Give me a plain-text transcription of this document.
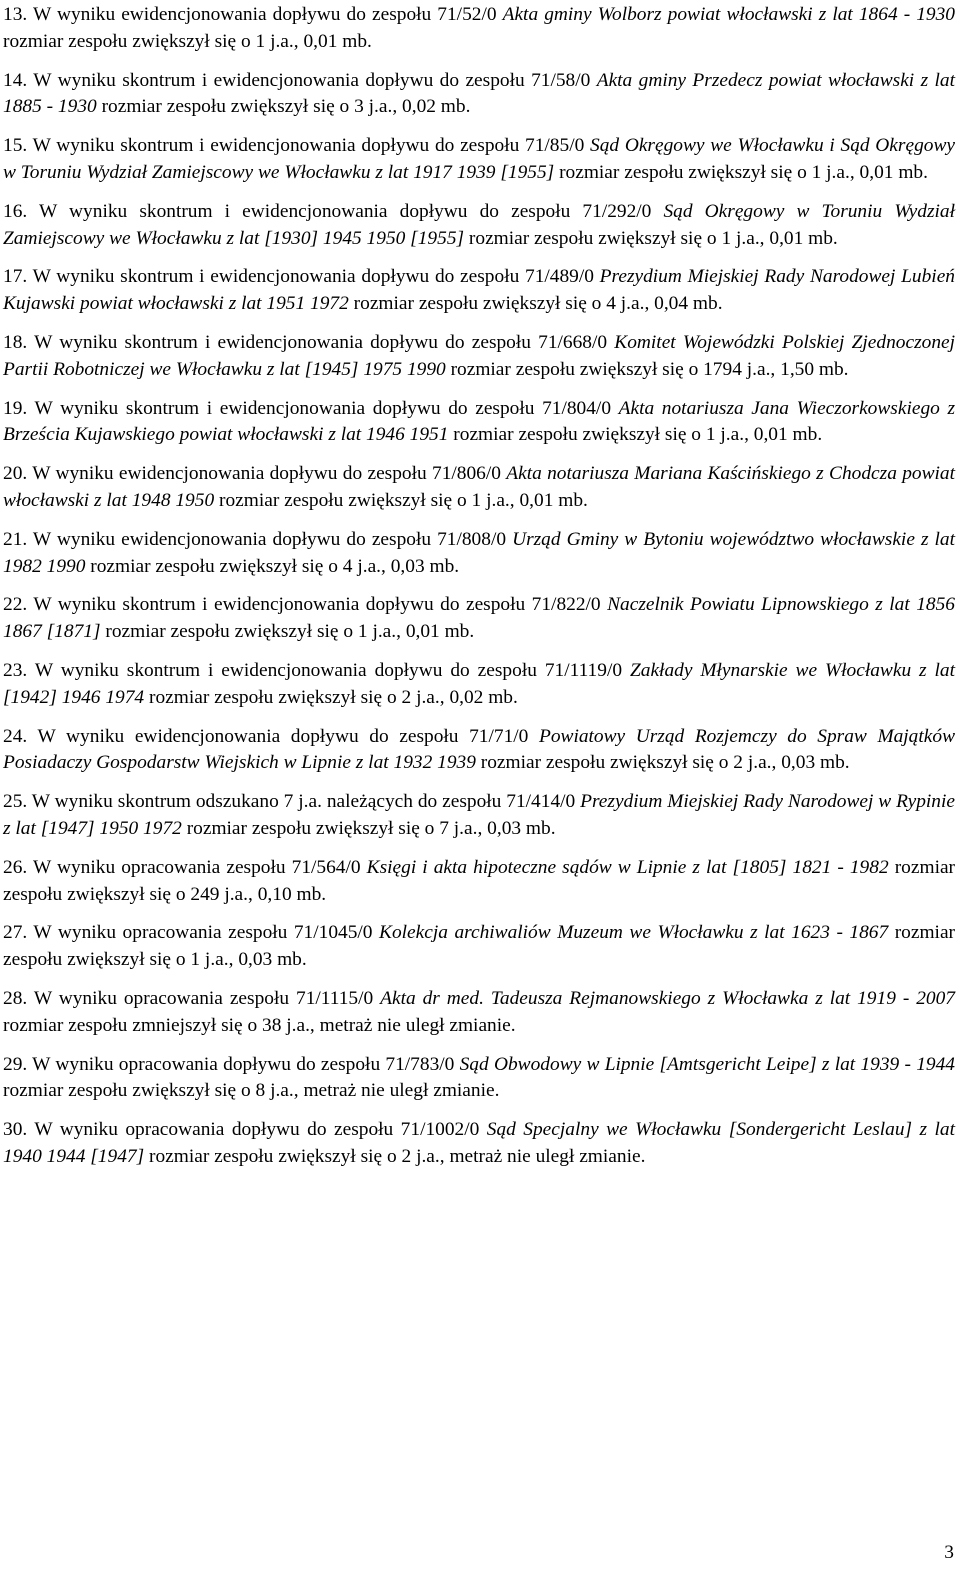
13. W wyniku ewidencjonowania dopływu do zespołu 71/52/0 Akta gminy Wolborz powiat włocławski z lat 1864 - 1930 rozmiar zespołu zwiększył się o 1 j.a., 0,01 mb.

14. W wyniku skontrum i ewidencjonowania dopływu do zespołu 71/58/0 Akta gminy Przedecz powiat włocławski z lat 1885 - 1930 rozmiar zespołu zwiększył się o 3 j.a., 0,02 mb.

15. W wyniku skontrum i ewidencjonowania dopływu do zespołu 71/85/0 Sąd Okręgowy we Włocławku i Sąd Okręgowy w Toruniu Wydział Zamiejscowy we Włocławku z lat 1917 1939 [1955] rozmiar zespołu zwiększył się o 1 j.a., 0,01 mb.

16. W wyniku skontrum i ewidencjonowania dopływu do zespołu 71/292/0 Sąd Okręgowy w Toruniu Wydział Zamiejscowy we Włocławku z lat [1930] 1945 1950 [1955] rozmiar zespołu zwiększył się o 1 j.a., 0,01 mb.

17. W wyniku skontrum i ewidencjonowania dopływu do zespołu 71/489/0 Prezydium Miejskiej Rady Narodowej Lubień Kujawski powiat włocławski z lat 1951 1972 rozmiar zespołu zwiększył się o 4 j.a., 0,04 mb.

18. W wyniku skontrum i ewidencjonowania dopływu do zespołu 71/668/0 Komitet Wojewódzki Polskiej Zjednoczonej Partii Robotniczej we Włocławku z lat [1945] 1975 1990 rozmiar zespołu zwiększył się o 1794 j.a., 1,50 mb.

19. W wyniku skontrum i ewidencjonowania dopływu do zespołu 71/804/0 Akta notariusza Jana Wieczorkowskiego z Brześcia Kujawskiego powiat włocławski z lat 1946 1951 rozmiar zespołu zwiększył się o 1 j.a., 0,01 mb.

20. W wyniku ewidencjonowania dopływu do zespołu 71/806/0 Akta notariusza Mariana Kaścińskiego z Chodcza powiat włocławski z lat 1948 1950 rozmiar zespołu zwiększył się o 1 j.a., 0,01 mb.

21. W wyniku ewidencjonowania dopływu do zespołu 71/808/0 Urząd Gminy w Bytoniu województwo włocławskie z lat 1982 1990 rozmiar zespołu zwiększył się o 4 j.a., 0,03 mb.

22. W wyniku skontrum i ewidencjonowania dopływu do zespołu 71/822/0 Naczelnik Powiatu Lipnowskiego z lat 1856 1867 [1871] rozmiar zespołu zwiększył się o 1 j.a., 0,01 mb.

23. W wyniku skontrum i ewidencjonowania dopływu do zespołu 71/1119/0 Zakłady Młynarskie we Włocławku z lat [1942] 1946 1974 rozmiar zespołu zwiększył się o 2 j.a., 0,02 mb.

24. W wyniku ewidencjonowania dopływu do zespołu 71/71/0 Powiatowy Urząd Rozjemczy do Spraw Majątków Posiadaczy Gospodarstw Wiejskich w Lipnie z lat 1932 1939 rozmiar zespołu zwiększył się o 2 j.a., 0,03 mb.

25. W wyniku skontrum odszukano 7 j.a. należących do zespołu 71/414/0 Prezydium Miejskiej Rady Narodowej w Rypinie z lat [1947] 1950 1972 rozmiar zespołu zwiększył się o 7 j.a., 0,03 mb.

26. W wyniku opracowania zespołu 71/564/0 Księgi i akta hipoteczne sądów w Lipnie z lat [1805] 1821 - 1982 rozmiar zespołu zwiększył się o 249 j.a., 0,10 mb.

27. W wyniku opracowania zespołu 71/1045/0 Kolekcja archiwaliów Muzeum we Włocławku z lat 1623 - 1867 rozmiar zespołu zwiększył się o 1 j.a., 0,03 mb.

28. W wyniku opracowania zespołu 71/1115/0 Akta dr med. Tadeusza Rejmanowskiego z Włocławka z lat 1919 - 2007 rozmiar zespołu zmniejszył się o 38 j.a., metraż nie uległ zmianie.

29. W wyniku opracowania dopływu do zespołu 71/783/0 Sąd Obwodowy w Lipnie [Amtsgericht Leipe] z lat 1939 - 1944 rozmiar zespołu zwiększył się o 8 j.a., metraż nie uległ zmianie.

30. W wyniku opracowania dopływu do zespołu 71/1002/0 Sąd Specjalny we Włocławku [Sondergericht Leslau] z lat 1940 1944 [1947] rozmiar zespołu zwiększył się o 2 j.a., metraż nie uległ zmianie.

3
